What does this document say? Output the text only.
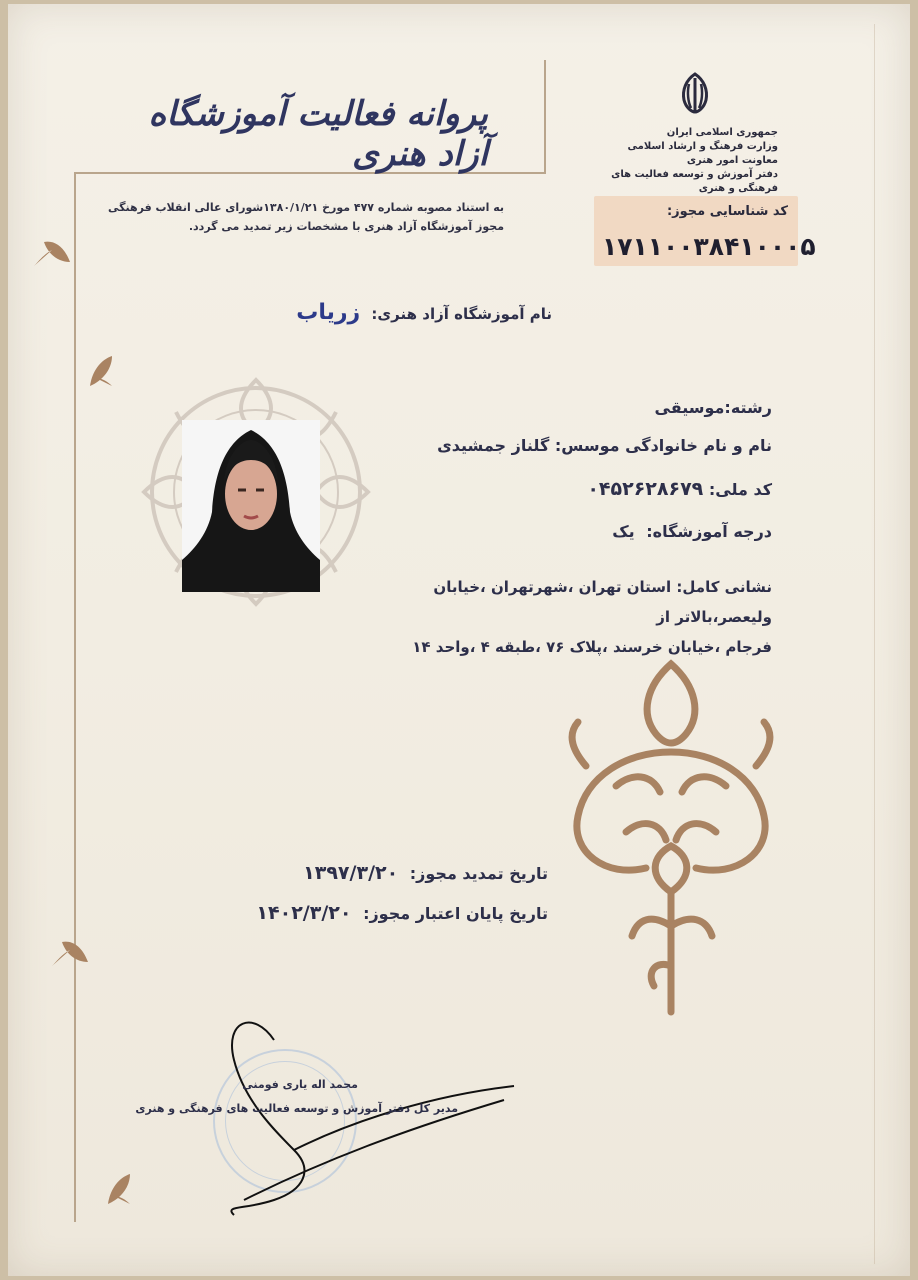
پروانه فعالیت آموزشگاه آزاد هنری
جمهوری اسلامی ایران
وزارت فرهنگ و ارشاد اسلامی
معاونت امور هنری
دفتر آموزش و توسعه فعالیت های فرهنگی و هنری
کد شناسایی مجوز:
۱۷۱۱۰۰۳۸۴۱۰۰۰۵
به استناد مصوبه شماره ۴۷۷ مورخ ۱۳۸۰/۱/۲۱شورای عالی انقلاب فرهنگی
مجوز آموزشگاه آزاد هنری با مشخصات زیر تمدید می گردد.
نام آموزشگاه آزاد هنری: زریاب
رشته:موسیقی
نام و نام خانوادگی موسس: گلناز جمشیدی
کد ملی: ۰۴۵۲۶۲۸۶۷۹
درجه آموزشگاه: یک
نشانی کامل: استان تهران ،شهرتهران ،خیابان ولیعصر،بالاتر از
فرجام ،خیابان خرسند ،پلاک ۷۶ ،طبقه ۴ ،واحد ۱۴
تاریخ تمدید مجوز: ۱۳۹۷/۳/۲۰
تاریخ پایان اعتبار مجوز: ۱۴۰۲/۳/۲۰
محمد اله یاری فومنی
مدیر کل دفتر آموزش و توسعه فعالیت های فرهنگی و هنری
